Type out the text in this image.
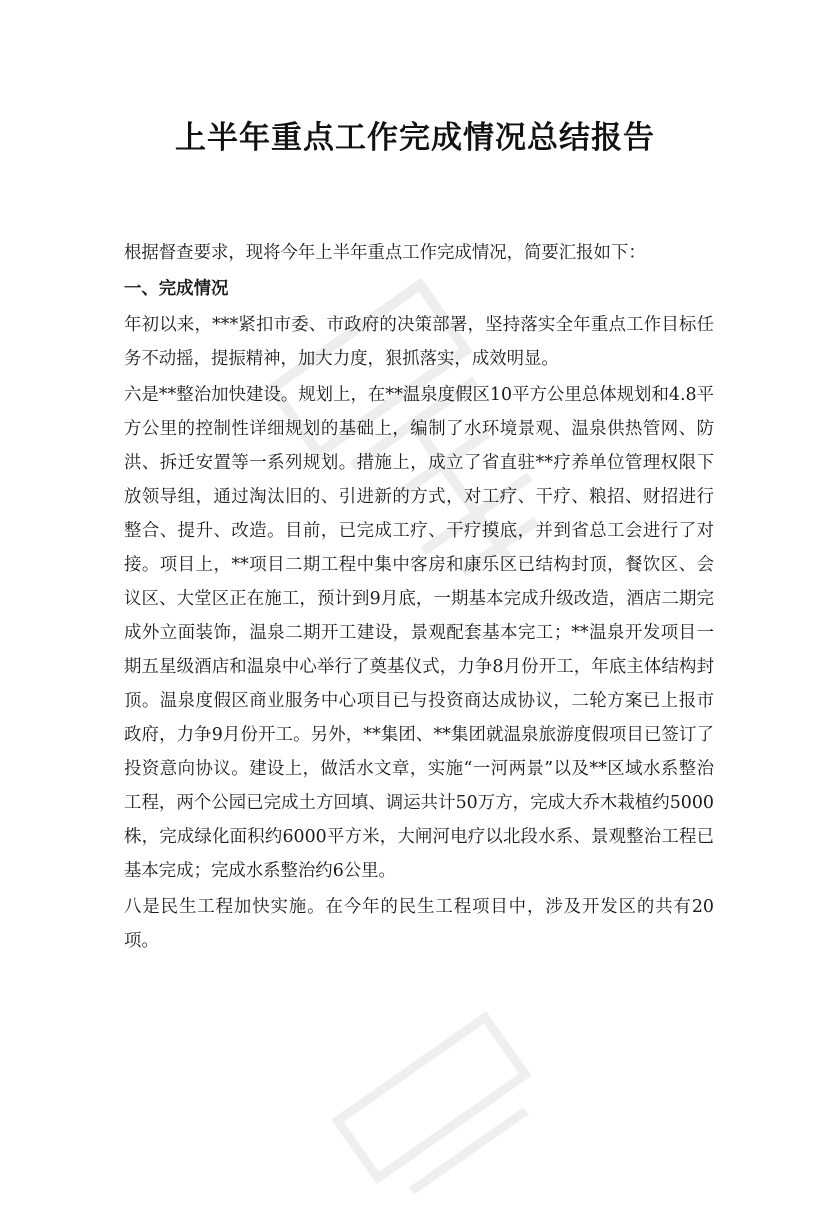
上半年重点工作完成情况总结报告

根据督查要求，现将今年上半年重点工作完成情况，简要汇报如下：

一、完成情况

年初以来，***紧扣市委、市政府的决策部署，坚持落实全年重点工作目标任务不动摇，提振精神，加大力度，狠抓落实，成效明显。

六是**整治加快建设。规划上，在**温泉度假区10平方公里总体规划和4.8平方公里的控制性详细规划的基础上，编制了水环境景观、温泉供热管网、防洪、拆迁安置等一系列规划。措施上，成立了省直驻**疗养单位管理权限下放领导组，通过淘汰旧的、引进新的方式，对工疗、干疗、粮招、财招进行整合、提升、改造。目前，已完成工疗、干疗摸底，并到省总工会进行了对接。项目上，**项目二期工程中集中客房和康乐区已结构封顶，餐饮区、会议区、大堂区正在施工，预计到9月底，一期基本完成升级改造，酒店二期完成外立面装饰，温泉二期开工建设，景观配套基本完工；**温泉开发项目一期五星级酒店和温泉中心举行了奠基仪式，力争8月份开工，年底主体结构封顶。温泉度假区商业服务中心项目已与投资商达成协议，二轮方案已上报市政府，力争9月份开工。另外，**集团、**集团就温泉旅游度假项目已签订了投资意向协议。建设上，做活水文章，实施“一河两景”以及**区域水系整治工程，两个公园已完成土方回填、调运共计50万方，完成大乔木栽植约5000株，完成绿化面积约6000平方米，大闸河电疗以北段水系、景观整治工程已基本完成；完成水系整治约6公里。

八是民生工程加快实施。在今年的民生工程项目中，涉及开发区的共有20项。
